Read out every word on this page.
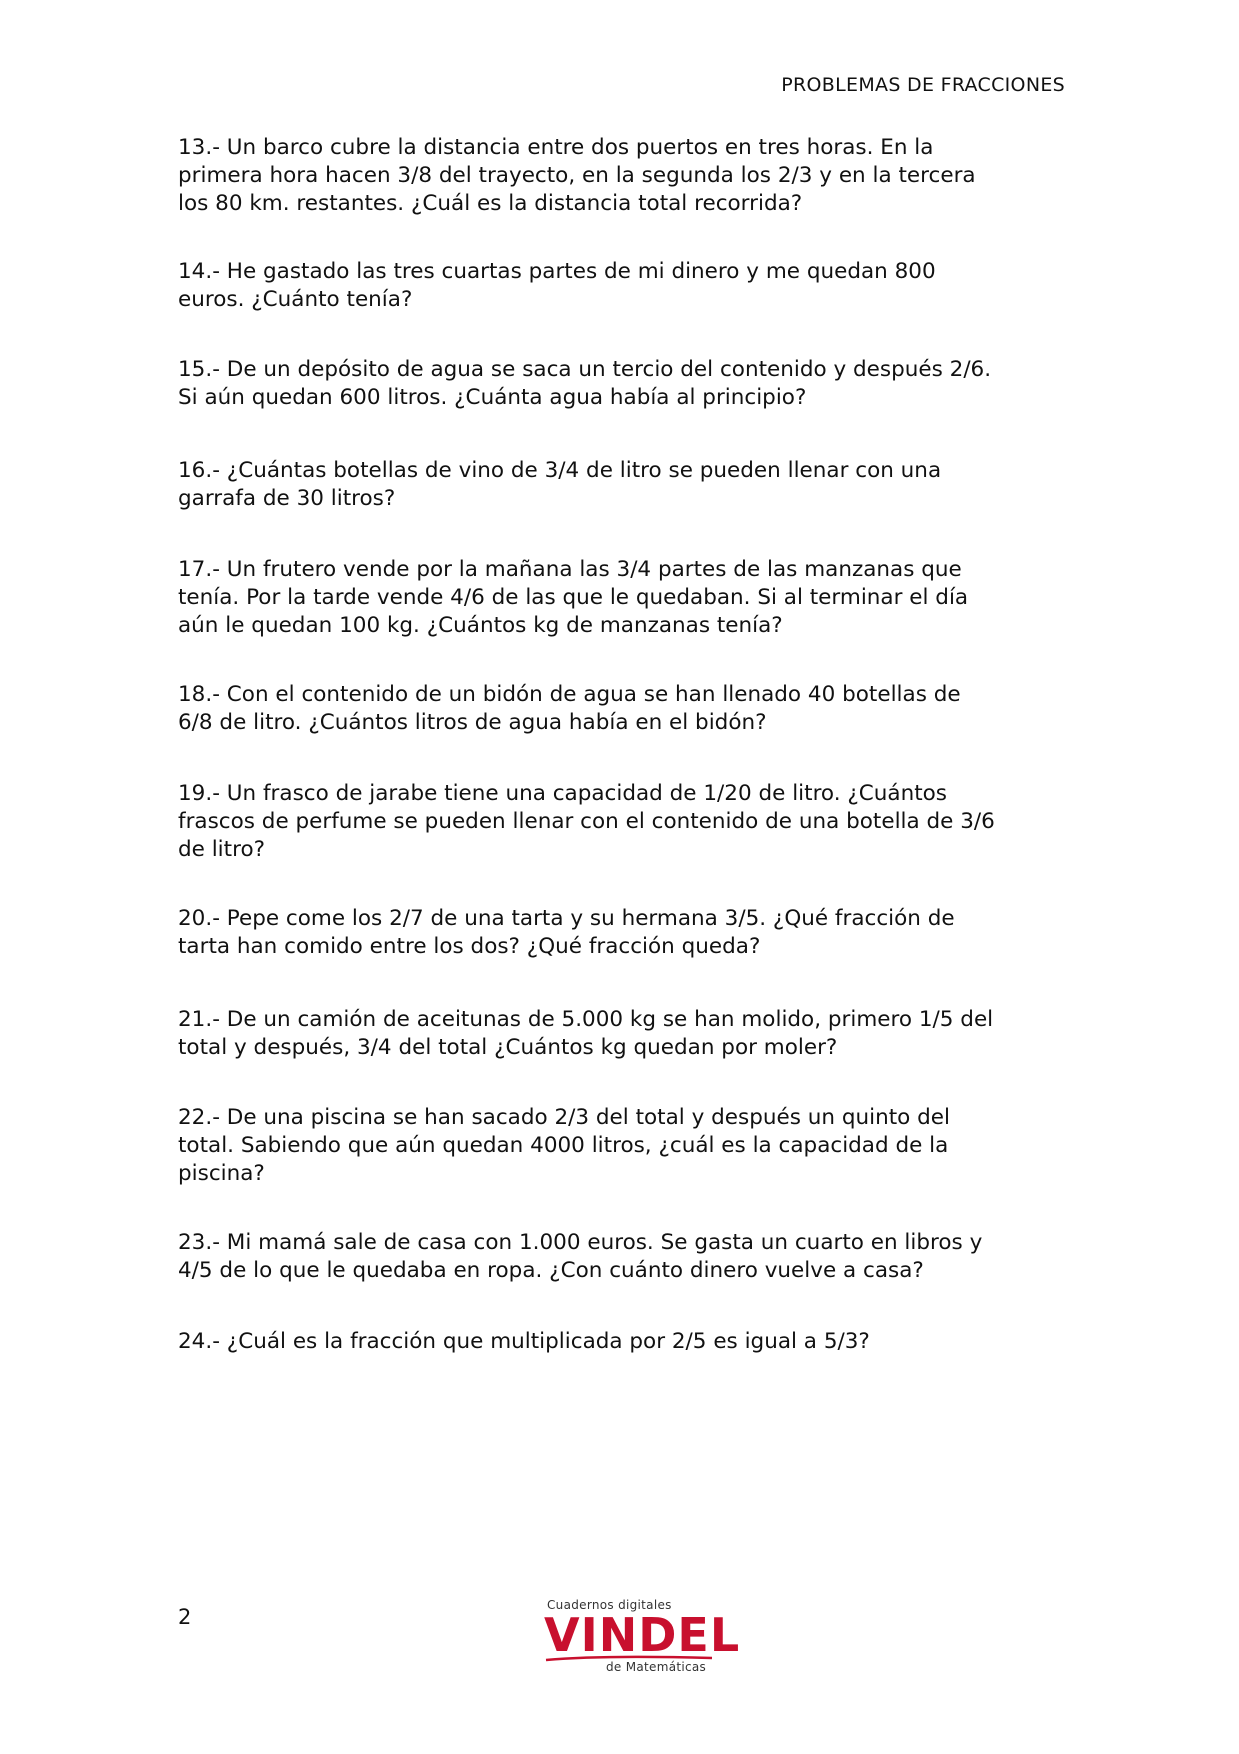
PROBLEMAS DE FRACCIONES
13.- Un barco cubre la distancia entre dos puertos en tres horas. En la
primera hora hacen 3/8 del trayecto, en la segunda los 2/3 y en la tercera
los 80 km. restantes. ¿Cuál es la distancia total recorrida?
14.- He gastado las tres cuartas partes de mi dinero y me quedan 800
euros. ¿Cuánto tenía?
15.- De un depósito de agua se saca un tercio del contenido y después 2/6.
Si aún quedan 600 litros. ¿Cuánta agua había al principio?
16.- ¿Cuántas botellas de vino de 3/4 de litro se pueden llenar con una
garrafa de 30 litros?
17.- Un frutero vende por la mañana las 3/4 partes de las manzanas que
tenía. Por la tarde vende 4/6 de las que le quedaban. Si al terminar el día
aún le quedan 100 kg. ¿Cuántos kg de manzanas tenía?
18.- Con el contenido de un bidón de agua se han llenado 40 botellas de
6/8 de litro. ¿Cuántos litros de agua había en el bidón?
19.- Un frasco de jarabe tiene una capacidad de 1/20 de litro. ¿Cuántos
frascos de perfume se pueden llenar con el contenido de una botella de 3/6
de litro?
20.- Pepe come los 2/7 de una tarta y su hermana 3/5. ¿Qué fracción de
tarta han comido entre los dos? ¿Qué fracción queda?
21.- De un camión de aceitunas de 5.000 kg se han molido, primero 1/5 del
total y después, 3/4 del total ¿Cuántos kg quedan por moler?
22.- De una piscina se han sacado 2/3 del total y después un quinto del
total. Sabiendo que aún quedan 4000 litros, ¿cuál es la capacidad de la
piscina?
23.- Mi mamá sale de casa con 1.000 euros. Se gasta un cuarto en libros y
4/5 de lo que le quedaba en ropa. ¿Con cuánto dinero vuelve a casa?
24.- ¿Cuál es la fracción que multiplicada por 2/5 es igual a 5/3?
2	Cuadernos digitales
VINDEL
de Matemáticas
